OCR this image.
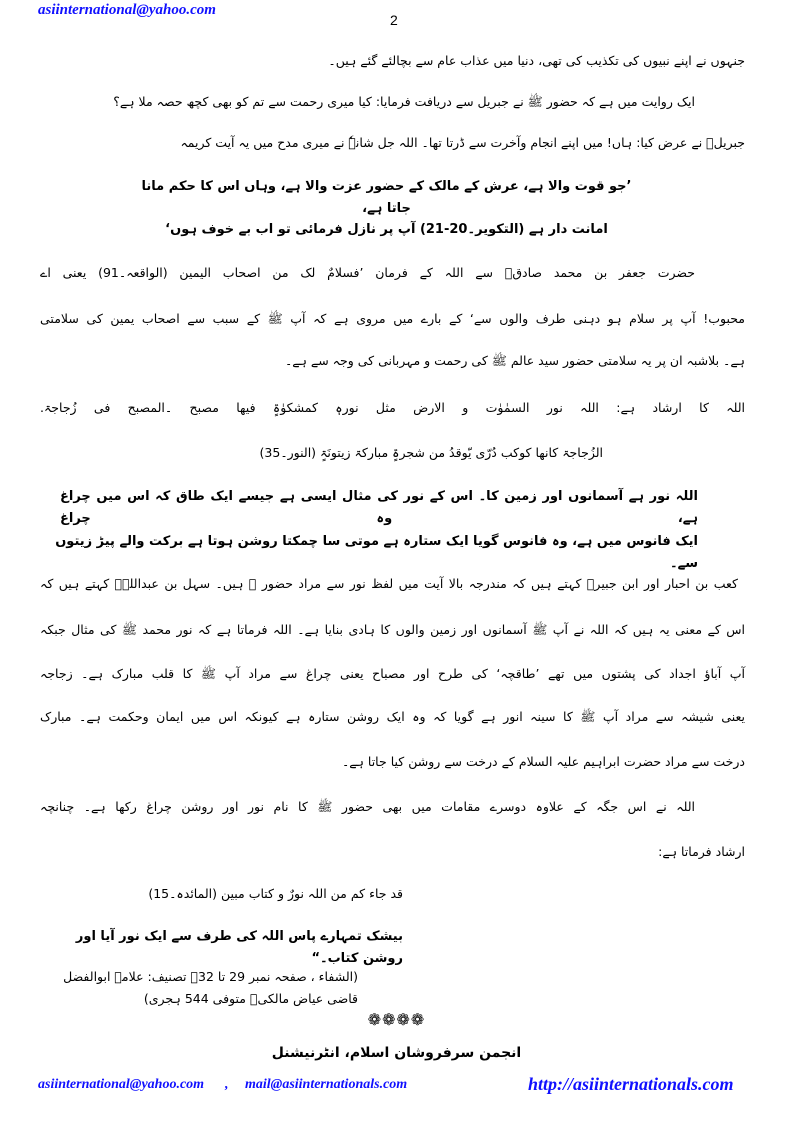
asiinternational@yahoo.com
2
جنہوں نے اپنے نبیوں کی تکذیب کی تھی، دنیا میں عذاب عام سے بچالئے گئے ہیں۔
ایک روایت میں ہے کہ حضور ﷺ نے جبریل سے دریافت فرمایا: کیا میری رحمت سے تم کو بھی کچھ حصہ ملا ہے؟
جبریلؑ نے عرض کیا: ہاں! میں اپنے انجام وآخرت سے ڈرتا تھا۔ اللہ جل شانہٗ نے میری مدح میں یہ آیت کریمہ
’جو قوت والا ہے، عرش کے مالک کے حضور عزت والا ہے، وہاں اس کا حکم مانا جاتا ہے،
امانت دار ہے (التکویر۔20-21) آپ پر نازل فرمائی تو اب بے خوف ہوں‘
حضرت جعفر بن محمد صادقؓ سے اللہ کے فرمان ’فسلامٌ لک من اصحاب الیمین (الواقعہ۔91) یعنی اے
محبوب! آپ پر سلام ہو دہنی طرف والوں سے‘ کے بارے میں مروی ہے کہ آپ ﷺ کے سبب سے اصحاب یمین کی سلامتی
ہے۔ بلاشبہ ان پر یہ سلامتی حضور سید عالم ﷺ کی رحمت و مہربانی کی وجہ سے ہے۔
اللہ کا ارشاد ہے: اللہ نور السمٰوٰت و الارض مثل نورہٖ کمشکوٰۃٍ فیھا مصبح ۔المصبح فی زُجاجۃ.
الزُجاجۃ کانھا کوکب دُرّی یّوقدُ من شجرۃٍ مبارکۃ زیتونَۃٍ (النور۔35)
اللہ نور ہے آسمانوں اور زمین کا۔ اس کے نور کی مثال ایسی ہے جیسے ایک طاق کہ اس میں چراغ ہے، وہ چراغ
ایک فانوس میں ہے، وہ فانوس گویا ایک ستارہ ہے موتی سا چمکتا روشن ہوتا ہے برکت والے پیڑ زیتوں سے۔
کعب بن احبار اور ابن جبیرؓ کہتے ہیں کہ مندرجہ بالا آیت میں لفظ نور سے مراد حضور ﷺ ہیں۔ سہل بن عبداللہؒ کہتے ہیں کہ
اس کے معنی یہ ہیں کہ اللہ نے آپ ﷺ آسمانوں اور زمین والوں کا ہادی بنایا ہے۔ اللہ فرماتا ہے کہ نور محمد ﷺ کی مثال جبکہ
آپ آباؤ اجداد کی پشتوں میں تھے ’طاقچہ‘ کی طرح اور مصباح یعنی چراغ سے مراد آپ ﷺ کا قلب مبارک ہے۔ زجاجہ
یعنی شیشہ سے مراد آپ ﷺ کا سینہ انور ہے گویا کہ وہ ایک روشن ستارہ ہے کیونکہ اس میں ایمان وحکمت ہے۔ مبارک
درخت سے مراد حضرت ابراہیم علیہ السلام کے درخت سے روشن کیا جاتا ہے۔
اللہ نے اس جگہ کے علاوہ دوسرے مقامات میں بھی حضور ﷺ کا نام نور اور روشن چراغ رکھا ہے۔ چنانچہ
ارشاد فرماتا ہے:
قد جاء کم من اللہ نورٌ و کتاب مبین (المائدہ۔15)
بیشک تمہارے پاس اللہ کی طرف سے ایک نور آیا اور روشن کتاب۔“
(الشفاء ، صفحہ نمبر 29 تا 32۔ تصنیف: علامہ ابوالفضل قاضی عیاض مالکیؒ متوفی 544 ہجری)
❁❁❁❁
انجمن سرفروشان اسلام، انٹرنیشنل
asiinternational@yahoo.com , mail@asiinternationals.com	http://asiinternationals.com
